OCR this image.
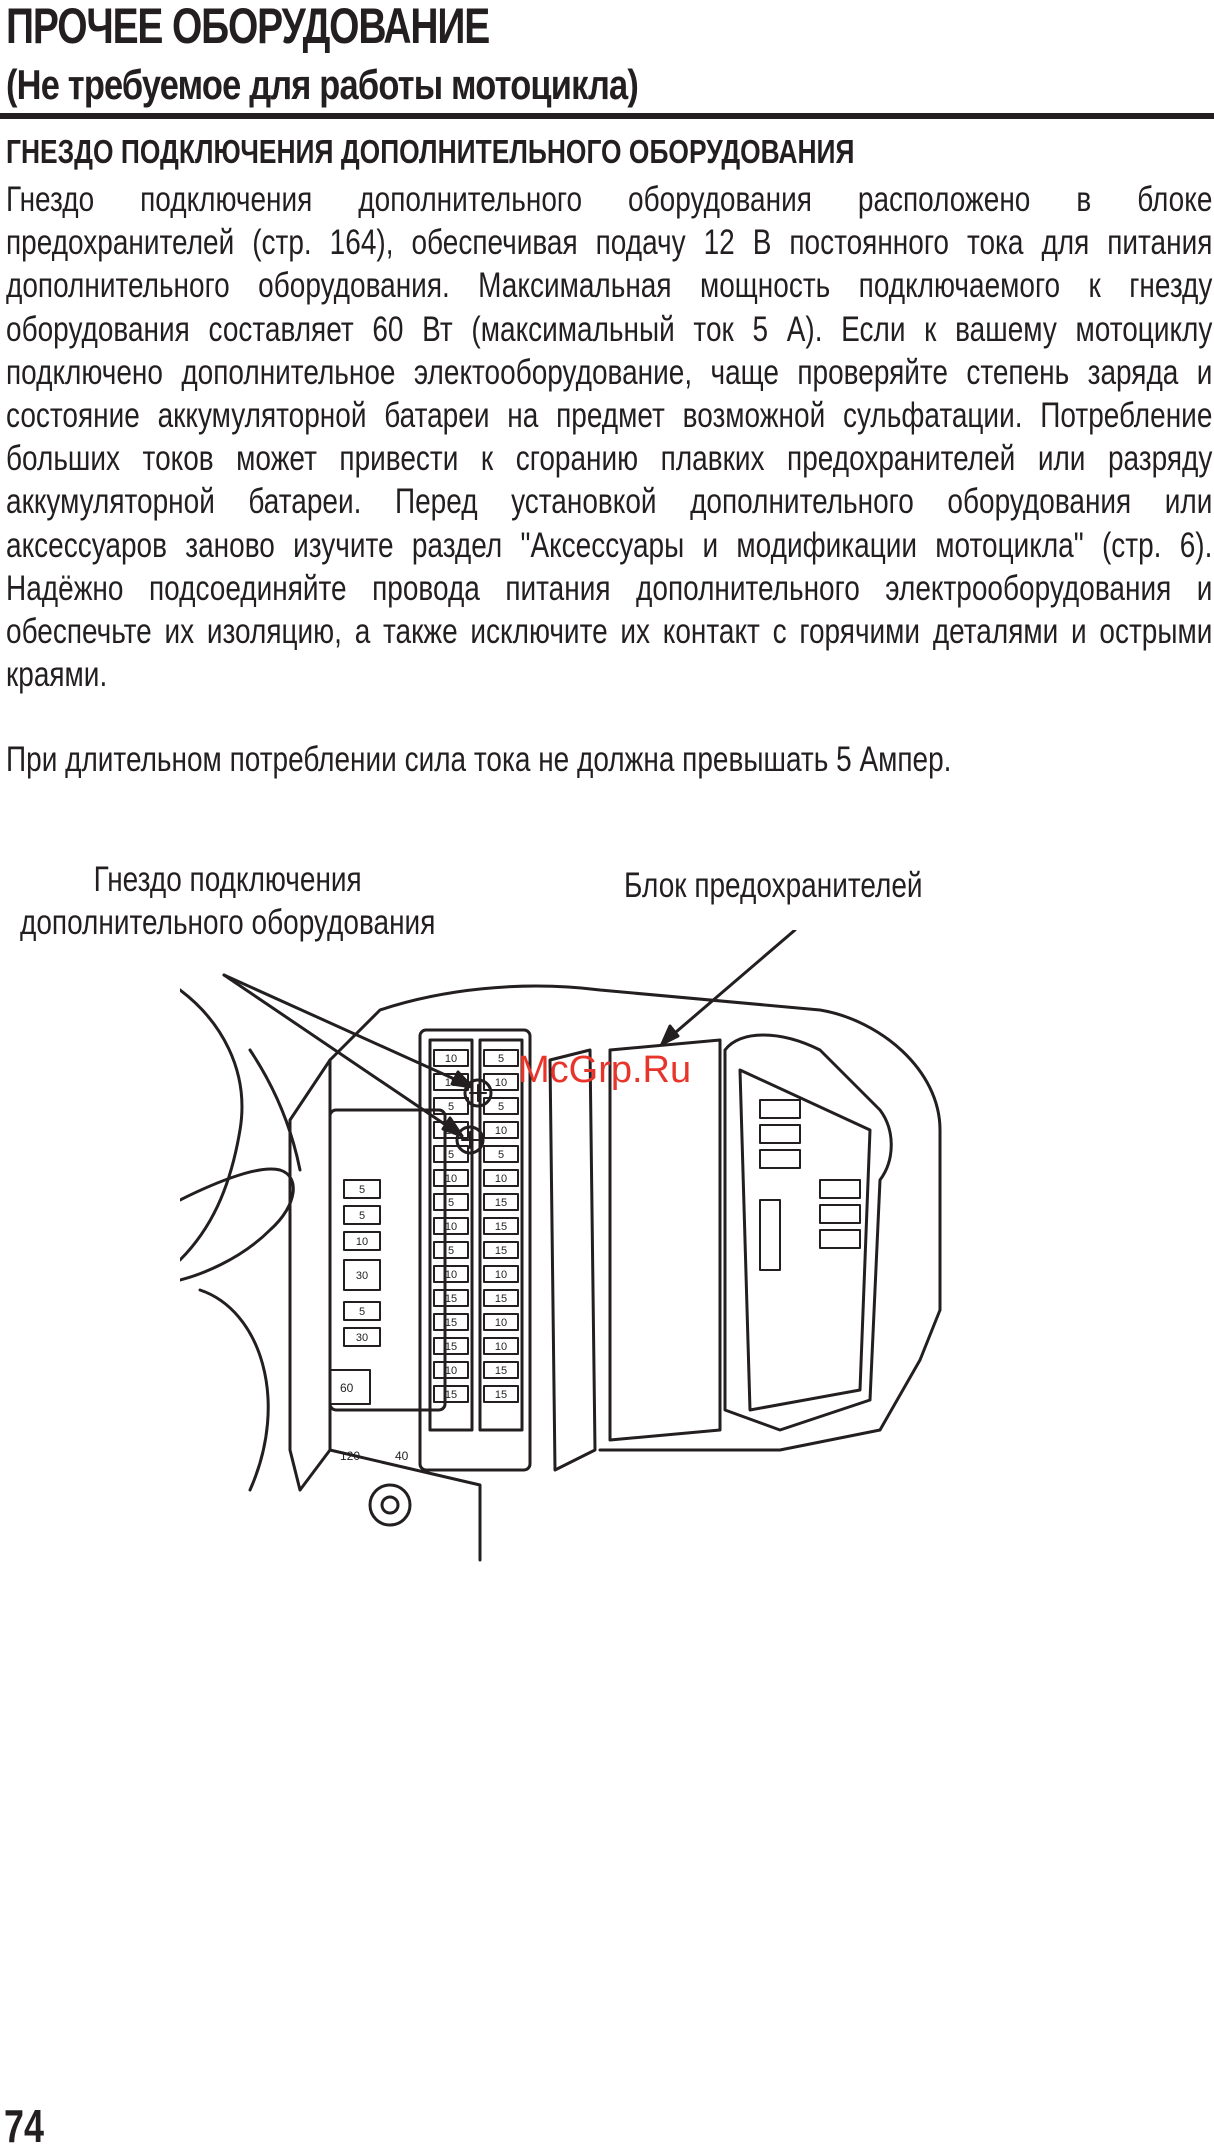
ПРОЧЕЕ ОБОРУДОВАНИЕ
(Не требуемое для работы мотоцикла)
ГНЕЗДО ПОДКЛЮЧЕНИЯ ДОПОЛНИТЕЛЬНОГО ОБОРУДОВАНИЯ
Гнездо подключения дополнительного оборудования расположено в блоке предохранителей (стр. 164), обеспечивая подачу 12 В постоянного тока для питания дополнительного оборудования. Максимальная мощность подключаемого к гнезду оборудования составляет 60 Вт (максимальный ток 5 А). Если к вашему мотоциклу подключено дополнительное электооборудование, чаще проверяйте степень заряда и состояние аккумуляторной батареи на предмет возможной сульфатации. Потребление больших токов может привести к сгоранию плавких предохранителей или разряду аккумуляторной батареи. Перед установкой дополнительного оборудования или аксессуаров заново изучите раздел "Аксессуары и модификации мотоцикла" (стр. 6). Надёжно подсоединяйте провода питания дополнительного электрооборудования и обеспечьте их изоляцию, а также исключите их контакт с горячими деталями и острыми краями.
При длительном потреблении сила тока не должна превышать 5 Ампер.
Гнездо подключения
дополнительного оборудования
Блок предохранителей
120	40
60
10
15
5
20
5
10
5
10
5
10
15
15
15
10
15
5
10
5
10
5
10
15
15
15
10
15
10
10
15
15
5
5
10
30
5
30
McGrp.Ru
74
